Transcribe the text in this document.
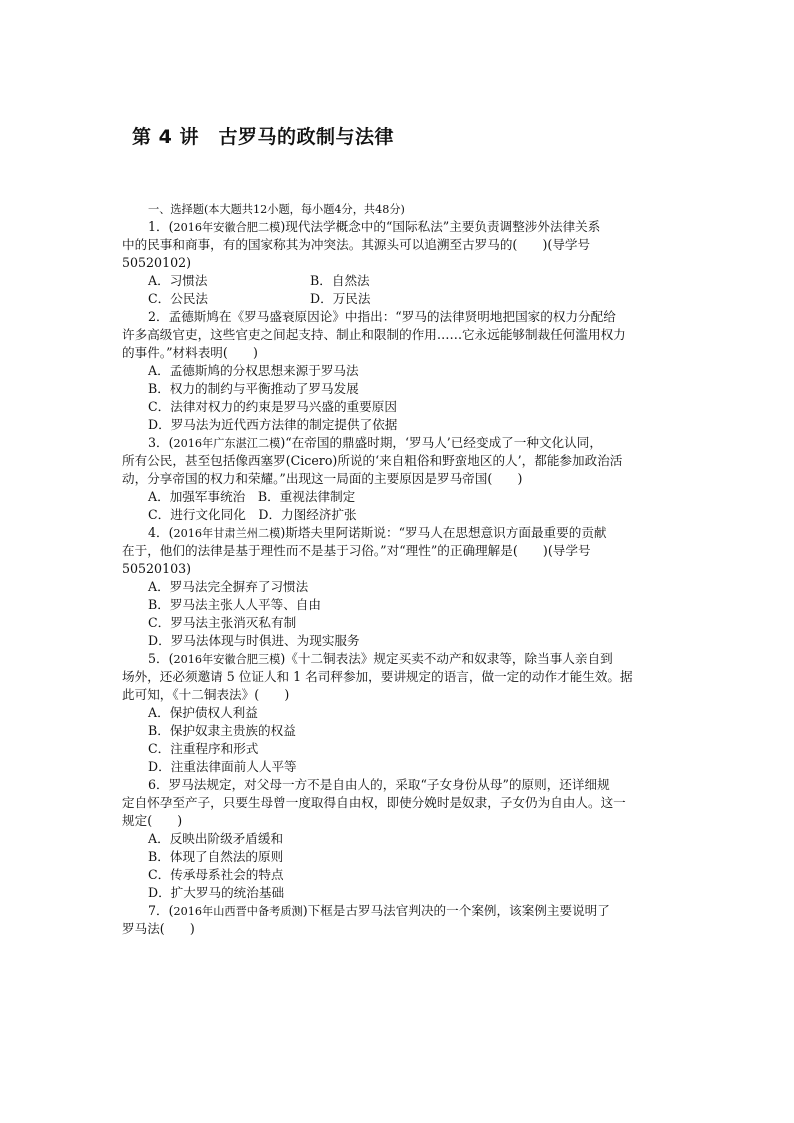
第 4 讲　古罗马的政制与法律
一、选择题(本大题共12小题，每小题4分，共48分)
1．(2016年安徽合肥二模)现代法学概念中的“国际私法”主要负责调整涉外法律关系
中的民事和商事，有的国家称其为冲突法。其源头可以追溯至古罗马的(　　)(导学号
50520102)
A．习惯法	B．自然法
C．公民法	D．万民法
2．孟德斯鸠在《罗马盛衰原因论》中指出：“罗马的法律贤明地把国家的权力分配给
许多高级官吏，这些官吏之间起支持、制止和限制的作用……它永远能够制裁任何滥用权力
的事件。”材料表明(　　)
A．孟德斯鸠的分权思想来源于罗马法
B．权力的制约与平衡推动了罗马发展
C．法律对权力的约束是罗马兴盛的重要原因
D．罗马法为近代西方法律的制定提供了依据
3．(2016年广东湛江二模)“在帝国的鼎盛时期，‘罗马人’已经变成了一种文化认同，
所有公民，甚至包括像西塞罗(Cicero)所说的‘来自粗俗和野蛮地区的人’，都能参加政治活
动，分享帝国的权力和荣耀。”出现这一局面的主要原因是罗马帝国(　　)
A．加强军事统治　B．重视法律制定
C．进行文化同化　D．力图经济扩张
4．(2016年甘肃兰州二模)斯塔夫里阿诺斯说：“罗马人在思想意识方面最重要的贡献
在于，他们的法律是基于理性而不是基于习俗。”对“理性”的正确理解是(　　)(导学号
50520103)
A．罗马法完全摒弃了习惯法
B．罗马法主张人人平等、自由
C．罗马法主张消灭私有制
D．罗马法体现与时俱进、为现实服务
5．(2016年安徽合肥三模)《十二铜表法》规定买卖不动产和奴隶等，除当事人亲自到
场外，还必须邀请 5 位证人和 1 名司秤参加，要讲规定的语言，做一定的动作才能生效。据
此可知，《十二铜表法》(　　)
A．保护债权人利益
B．保护奴隶主贵族的权益
C．注重程序和形式
D．注重法律面前人人平等
6．罗马法规定，对父母一方不是自由人的，采取“子女身份从母”的原则，还详细规
定自怀孕至产子，只要生母曾一度取得自由权，即使分娩时是奴隶，子女仍为自由人。这一
规定(　　)
A．反映出阶级矛盾缓和
B．体现了自然法的原则
C．传承母系社会的特点
D．扩大罗马的统治基础
7．(2016年山西晋中备考质测)下框是古罗马法官判决的一个案例，该案例主要说明了
罗马法(　　)
